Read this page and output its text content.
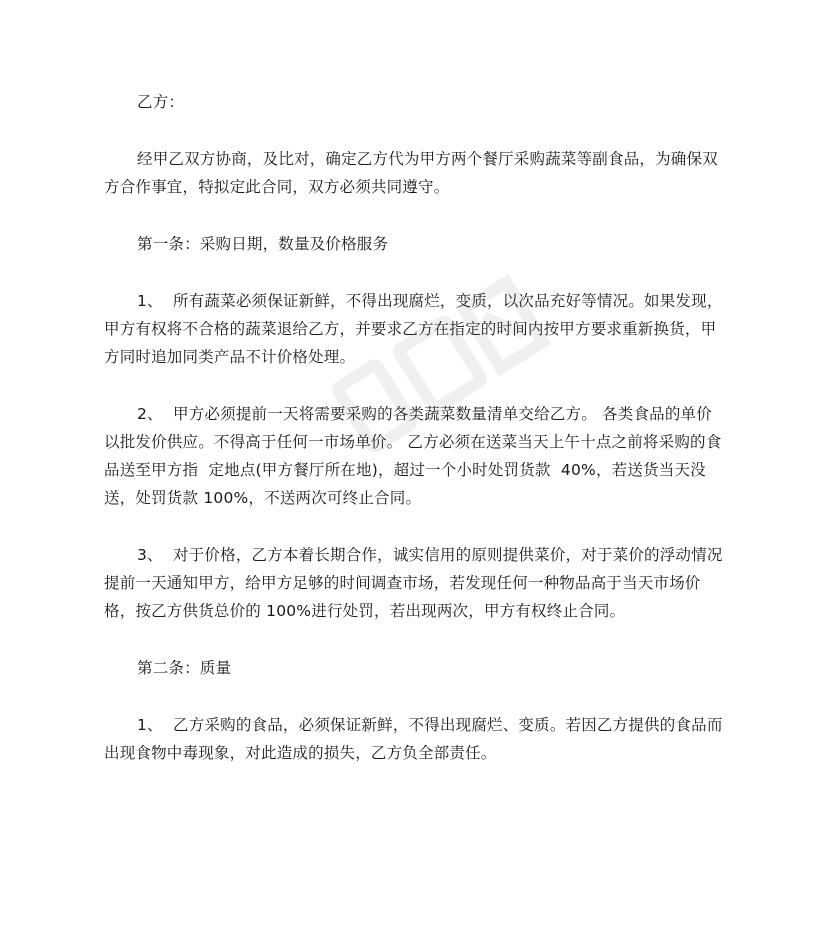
乙方：

经甲乙双方协商，及比对，确定乙方代为甲方两个餐厅采购蔬菜等副食品，为确保双方合作事宜，特拟定此合同，双方必须共同遵守。

第一条：采购日期，数量及价格服务

1、  所有蔬菜必须保证新鲜，不得出现腐烂，变质，以次品充好等情况。如果发现，甲方有权将不合格的蔬菜退给乙方，并要求乙方在指定的时间内按甲方要求重新换货，甲方同时追加同类产品不计价格处理。

2、  甲方必须提前一天将需要采购的各类蔬菜数量清单交给乙方。 各类食品的单价以批发价供应。不得高于任何一市场单价。 乙方必须在送菜当天上午十点之前将采购的食品送至甲方指  定地点(甲方餐厅所在地)，超过一个小时处罚货款  40%，若送货当天没送，处罚货款 100%，不送两次可终止合同。

3、  对于价格，乙方本着长期合作，诚实信用的原则提供菜价，对于菜价的浮动情况提前一天通知甲方，给甲方足够的时间调查市场，若发现任何一种物品高于当天市场价格，按乙方供货总价的 100%进行处罚，若出现两次，甲方有权终止合同。

第二条：质量

1、  乙方采购的食品，必须保证新鲜，不得出现腐烂、变质。若因乙方提供的食品而出现食物中毒现象，对此造成的损失，乙方负全部责任。
